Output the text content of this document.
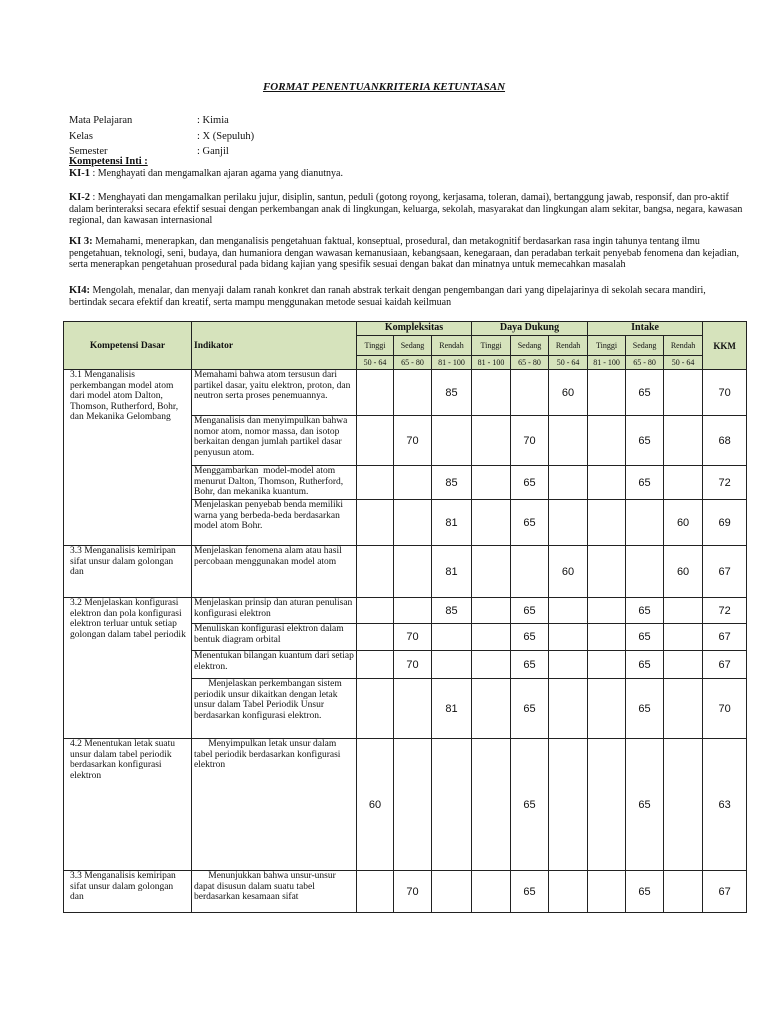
FORMAT PENENTUANKRITERIA KETUNTASAN
Mata Pelajaran	: Kimia
Kelas	: X (Sepuluh)
Semester	: Ganjil
Kompetensi Inti :
KI-1 : Menghayati dan mengamalkan ajaran agama yang dianutnya.
KI-2 : Menghayati dan mengamalkan perilaku jujur, disiplin, santun, peduli (gotong royong, kerjasama, toleran, damai), bertanggung jawab, responsif, dan pro-aktif dalam berinteraksi secara efektif sesuai dengan perkembangan anak di lingkungan, keluarga, sekolah, masyarakat dan lingkungan alam sekitar, bangsa, negara, kawasan regional, dan kawasan internasional
KI 3: Memahami, menerapkan, dan menganalisis pengetahuan faktual, konseptual, prosedural, dan metakognitif berdasarkan rasa ingin tahunya tentang ilmu pengetahuan, teknologi, seni, budaya, dan humaniora dengan wawasan kemanusiaan, kebangsaan, kenegaraan, dan peradaban terkait penyebab fenomena dan kejadian, serta menerapkan pengetahuan prosedural pada bidang kajian yang spesifik sesuai dengan bakat dan minatnya untuk memecahkan masalah
KI4: Mengolah, menalar, dan menyaji dalam ranah konkret dan ranah abstrak terkait dengan pengembangan dari yang dipelajarinya di sekolah secara mandiri, bertindak secara efektif dan kreatif, serta mampu menggunakan metode sesuai kaidah keilmuan
Kompetensi Dasar	Indikator	Kompleksitas			Daya Dukung			Intake			KKM
		Tinggi	Sedang	Rendah	Tinggi	Sedang	Rendah	Tinggi	Sedang	Rendah	
		50 - 64	65 - 80	81 - 100	81 - 100	65 - 80	50 - 64	81 - 100	65 - 80	50 - 64	
3.1 Menganalisis perkembangan model atom dari model atom Dalton, Thomson, Rutherford, Bohr, dan Mekanika Gelombang	Memahami bahwa atom tersusun dari partikel dasar, yaitu elektron, proton, dan neutron serta proses penemuannya.			85			60		65		70
	Menganalisis dan menyimpulkan bahwa nomor atom, nomor massa, dan isotop berkaitan dengan jumlah partikel dasar penyusun atom.		70			70			65		68
	Menggambarkan  model-model atom menurut Dalton, Thomson, Rutherford, Bohr, dan mekanika kuantum.			85		65			65		72
	Menjelaskan penyebab benda memiliki warna yang berbeda-beda berdasarkan model atom Bohr.			81		65				60	69
3.3 Menganalisis kemiripan sifat unsur dalam golongan dan	Menjelaskan fenomena alam atau hasil percobaan menggunakan model atom			81			60			60	67
3.2 Menjelaskan konfigurasi elektron dan pola konfigurasi elektron terluar untuk setiap golongan dalam tabel periodik	Menjelaskan prinsip dan aturan penulisan konfigurasi elektron			85		65			65		72
	Menuliskan konfigurasi elektron dalam bentuk diagram orbital		70			65			65		67
	Menentukan bilangan kuantum dari setiap elektron.		70			65			65		67
	Menjelaskan perkembangan sistem periodik unsur dikaitkan dengan letak unsur dalam Tabel Periodik Unsur berdasarkan konfigurasi elektron.			81		65			65		70
4.2 Menentukan letak suatu unsur dalam tabel periodik berdasarkan konfigurasi elektron	Menyimpulkan letak unsur dalam tabel periodik berdasarkan konfigurasi elektron	60				65			65		63
3.3 Menganalisis kemiripan sifat unsur dalam golongan dan	Menunjukkan bahwa unsur-unsur dapat disusun dalam suatu tabel berdasarkan kesamaan sifat		70			65			65		67
